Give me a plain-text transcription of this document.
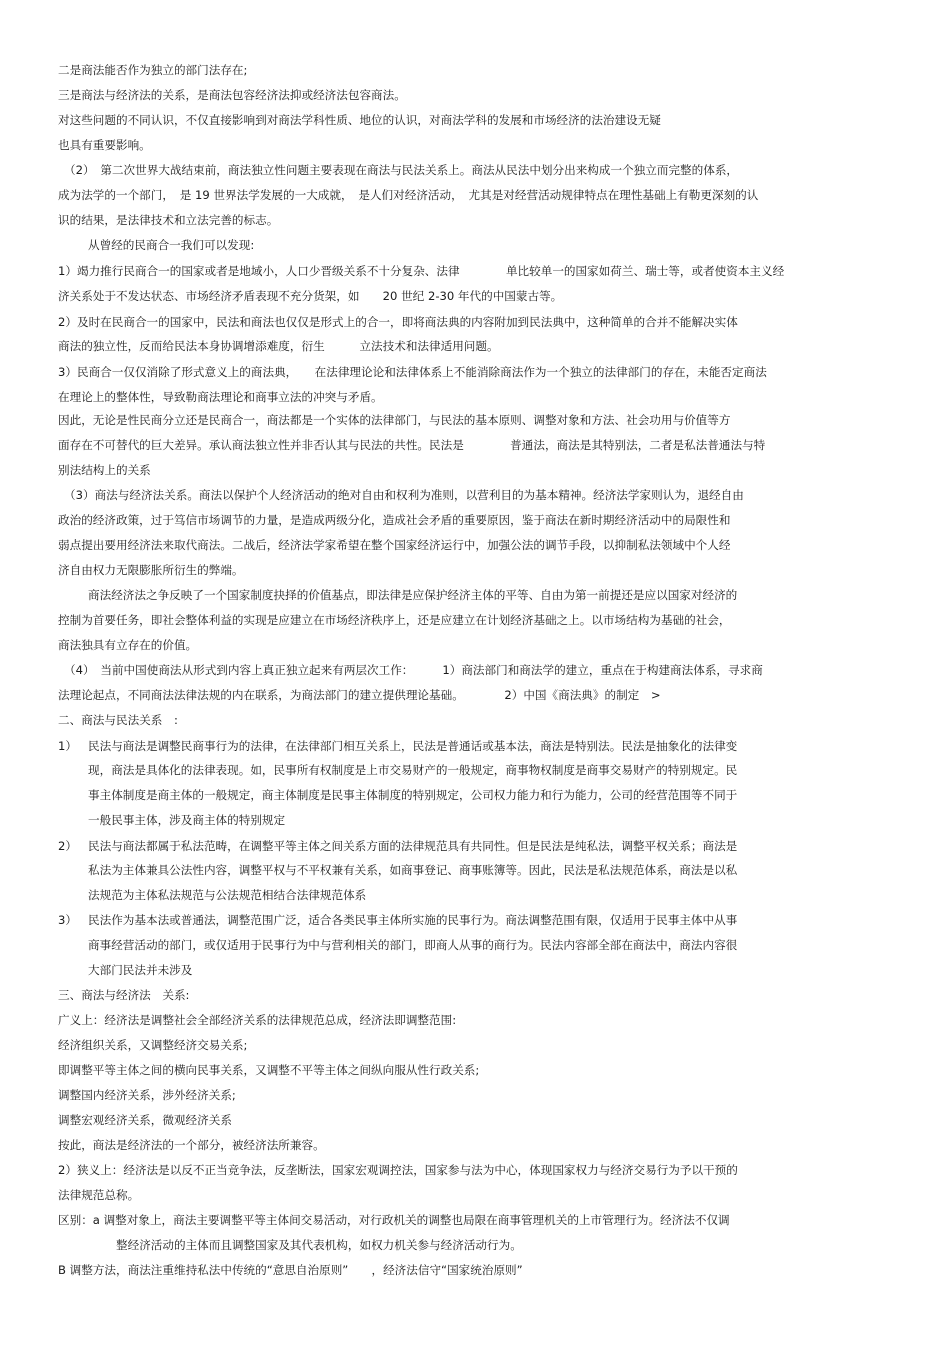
二是商法能否作为独立的部门法存在;
三是商法与经济法的关系，是商法包容经济法抑或经济法包容商法。
对这些问题的不同认识，不仅直接影响到对商法学科性质、地位的认识，对商法学科的发展和市场经济的法治建设无疑
也具有重要影响。
（2）　第二次世界大战结束前，商法独立性问题主要表现在商法与民法关系上。商法从民法中划分出来构成一个独立而完整的体系，
成为法学的一个部门，　是 19 世界法学发展的一大成就，　是人们对经济活动，　尤其是对经营活动规律特点在理性基础上有勒更深刻的认
识的结果，是法律技术和立法完善的标志。
从曾经的民商合一我们可以发现:
1）竭力推行民商合一的国家或者是地域小，人口少晋级关系不十分复杂、法律　　　　单比较单一的国家如荷兰、瑞士等，或者使资本主义经
济关系处于不发达状态、市场经济矛盾表现不充分货架，如　　20 世纪 2-30 年代的中国蒙古等。
2）及时在民商合一的国家中，民法和商法也仅仅是形式上的合一，即将商法典的内容附加到民法典中，这种简单的合并不能解决实体
商法的独立性，反而给民法本身协调增添难度，衍生　　　立法技术和法律适用问题。
3）民商合一仅仅消除了形式意义上的商法典，　　在法律理论论和法律体系上不能消除商法作为一个独立的法律部门的存在，未能否定商法
在理论上的整体性，导致勒商法理论和商事立法的冲突与矛盾。
因此，无论是性民商分立还是民商合一，商法都是一个实体的法律部门，与民法的基本原则、调整对象和方法、社会功用与价值等方
面存在不可替代的巨大差异。承认商法独立性并非否认其与民法的共性。民法是　　　　普通法，商法是其特别法，二者是私法普通法与特
别法结构上的关系
（3）商法与经济法关系。商法以保护个人经济活动的绝对自由和权利为准则，以营利目的为基本精神。经济法学家则认为，退经自由
政治的经济政策，过于笃信市场调节的力量，是造成两级分化，造成社会矛盾的重要原因，鉴于商法在新时期经济活动中的局限性和
弱点提出要用经济法来取代商法。二战后，经济法学家希望在整个国家经济运行中，加强公法的调节手段，以抑制私法领域中个人经
济自由权力无限膨胀所衍生的弊端。
商法经济法之争反映了一个国家制度抉择的价值基点，即法律是应保护经济主体的平等、自由为第一前提还是应以国家对经济的
控制为首要任务，即社会整体利益的实现是应建立在市场经济秩序上，还是应建立在计划经济基础之上。以市场结构为基础的社会，
商法独具有立存在的价值。
（4）　当前中国使商法从形式到内容上真正独立起来有两层次工作：　　　1）商法部门和商法学的建立，重点在于构建商法体系，寻求商
法理论起点，不同商法法律法规的内在联系，为商法部门的建立提供理论基础。　　　　2）中国《商法典》的制定　>
二、商法与民法关系　:
1） 民法与商法是调整民商事行为的法律，在法律部门相互关系上，民法是普通话或基本法，商法是特别法。民法是抽象化的法律变
现，商法是具体化的法律表现。如，民事所有权制度是上市交易财产的一般规定，商事物权制度是商事交易财产的特别规定。民
事主体制度是商主体的一般规定，商主体制度是民事主体制度的特别规定，公司权力能力和行为能力，公司的经营范围等不同于
一般民事主体，涉及商主体的特别规定
2） 民法与商法都属于私法范畴，在调整平等主体之间关系方面的法律规范具有共同性。但是民法是纯私法，调整平权关系；商法是
私法为主体兼具公法性内容，调整平权与不平权兼有关系，如商事登记、商事账簿等。因此，民法是私法规范体系，商法是以私
法规范为主体私法规范与公法规范相结合法律规范体系
3） 民法作为基本法或普通法，调整范围广泛，适合各类民事主体所实施的民事行为。商法调整范围有限，仅适用于民事主体中从事
商事经营活动的部门，或仅适用于民事行为中与营利相关的部门，即商人从事的商行为。民法内容部全部在商法中，商法内容很
大部门民法并未涉及
三、商法与经济法　关系:
广义上：经济法是调整社会全部经济关系的法律规范总成，经济法即调整范围:
经济组织关系，又调整经济交易关系;
即调整平等主体之间的横向民事关系，又调整不平等主体之间纵向服从性行政关系;
调整国内经济关系，涉外经济关系;
调整宏观经济关系，微观经济关系
按此，商法是经济法的一个部分，被经济法所兼容。
2）狭义上：经济法是以反不正当竞争法，反垄断法，国家宏观调控法，国家参与法为中心，体现国家权力与经济交易行为予以干预的
法律规范总称。
区别：a 调整对象上，商法主要调整平等主体间交易活动，对行政机关的调整也局限在商事管理机关的上市管理行为。经济法不仅调
整经济活动的主体而且调整国家及其代表机构，如权力机关参与经济活动行为。
B 调整方法，商法注重维持私法中传统的“意思自治原则”　　，经济法信守“国家统治原则”
